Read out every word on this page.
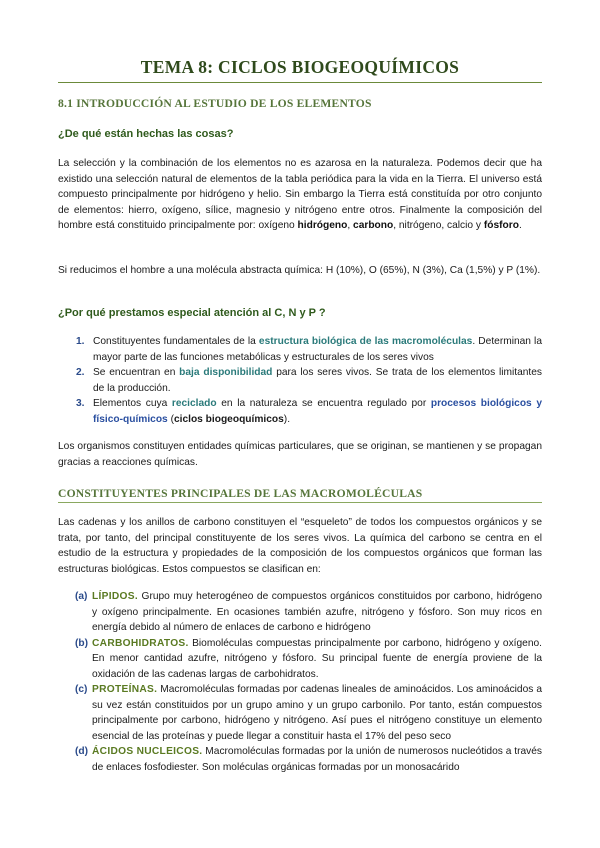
TEMA 8: CICLOS BIOGEOQUÍMICOS
8.1 INTRODUCCIÓN AL ESTUDIO DE LOS ELEMENTOS
¿De qué están hechas las cosas?
La selección y la combinación de los elementos no es azarosa en la naturaleza. Podemos decir que ha existido una selección natural de elementos de la tabla periódica para la vida en la Tierra. El universo está compuesto principalmente por hidrógeno y helio. Sin embargo la Tierra está constituída por otro conjunto de elementos: hierro, oxígeno, sílice, magnesio y nitrógeno entre otros. Finalmente la composición del hombre está constituido principalmente por: oxígeno hidrógeno, carbono, nitrógeno, calcio y fósforo.
Si reducimos el hombre a una molécula abstracta química: H (10%), O (65%), N (3%), Ca (1,5%) y P (1%).
¿Por qué prestamos especial atención al C, N y P ?
1. Constituyentes fundamentales de la estructura biológica de las macromoléculas. Determinan la mayor parte de las funciones metabólicas y estructurales de los seres vivos
2. Se encuentran en baja disponibilidad para los seres vivos. Se trata de los elementos limitantes de la producción.
3. Elementos cuya reciclado en la naturaleza se encuentra regulado por procesos biológicos y físico-químicos (ciclos biogeoquímicos).
Los organismos constituyen entidades químicas particulares, que se originan, se mantienen y se propagan gracias a reacciones químicas.
CONSTITUYENTES PRINCIPALES DE LAS MACROMOLÉCULAS
Las cadenas y los anillos de carbono constituyen el “esqueleto” de todos los compuestos orgánicos y se trata, por tanto, del principal constituyente de los seres vivos. La química del carbono se centra en el estudio de la estructura y propiedades de la composición de los compuestos orgánicos que forman las estructuras biológicas. Estos compuestos se clasifican en:
(a) LÍPIDOS. Grupo muy heterogéneo de compuestos orgánicos constituidos por carbono, hidrógeno y oxígeno principalmente. En ocasiones también azufre, nitrógeno y fósforo. Son muy ricos en energía debido al número de enlaces de carbono e hidrógeno
(b) CARBOHIDRATOS. Biomoléculas compuestas principalmente por carbono, hidrógeno y oxígeno. En menor cantidad azufre, nitrógeno y fósforo. Su principal fuente de energía proviene de la oxidación de las cadenas largas de carbohidratos.
(c) PROTEÍNAS. Macromoléculas formadas por cadenas lineales de aminoácidos. Los aminoácidos a su vez están constituidos por un grupo amino y un grupo carbonilo. Por tanto, están compuestos principalmente por carbono, hidrógeno y nitrógeno. Así pues el nitrógeno constituye un elemento esencial de las proteínas y puede llegar a constituir hasta el 17% del peso seco
(d) ÁCIDOS NUCLEICOS. Macromoléculas formadas por la unión de numerosos nucleótidos a través de enlaces fosfodiester. Son moléculas orgánicas formadas por un monosacárido
